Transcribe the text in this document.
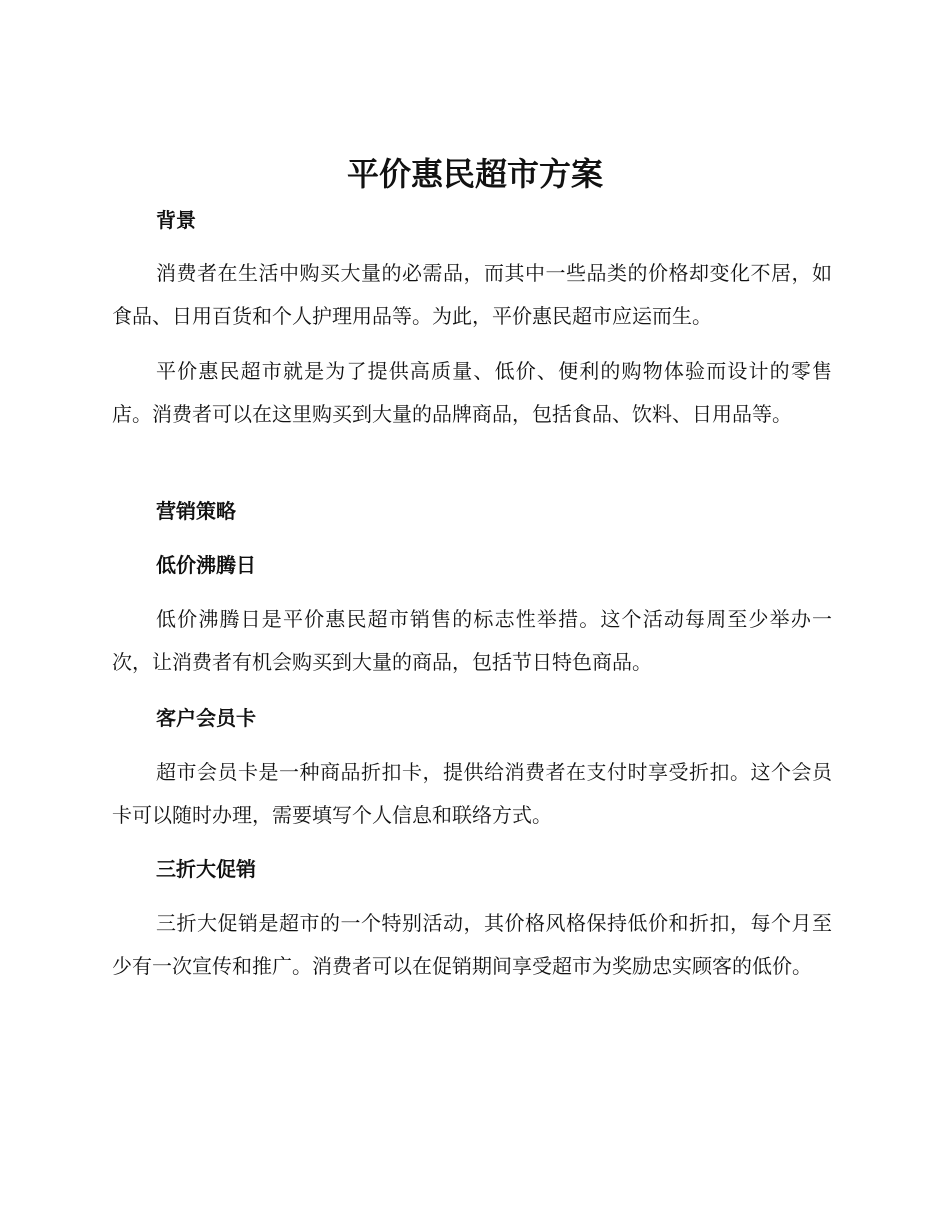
平价惠民超市方案
背景

消费者在生活中购买大量的必需品，而其中一些品类的价格却变化不居，如食品、日用百货和个人护理用品等。为此，平价惠民超市应运而生。

平价惠民超市就是为了提供高质量、低价、便利的购物体验而设计的零售店。消费者可以在这里购买到大量的品牌商品，包括食品、饮料、日用品等。

营销策略
低价沸腾日

低价沸腾日是平价惠民超市销售的标志性举措。这个活动每周至少举办一次，让消费者有机会购买到大量的商品，包括节日特色商品。

客户会员卡

超市会员卡是一种商品折扣卡，提供给消费者在支付时享受折扣。这个会员卡可以随时办理，需要填写个人信息和联络方式。

三折大促销

三折大促销是超市的一个特别活动，其价格风格保持低价和折扣，每个月至少有一次宣传和推广。消费者可以在促销期间享受超市为奖励忠实顾客的低价。
